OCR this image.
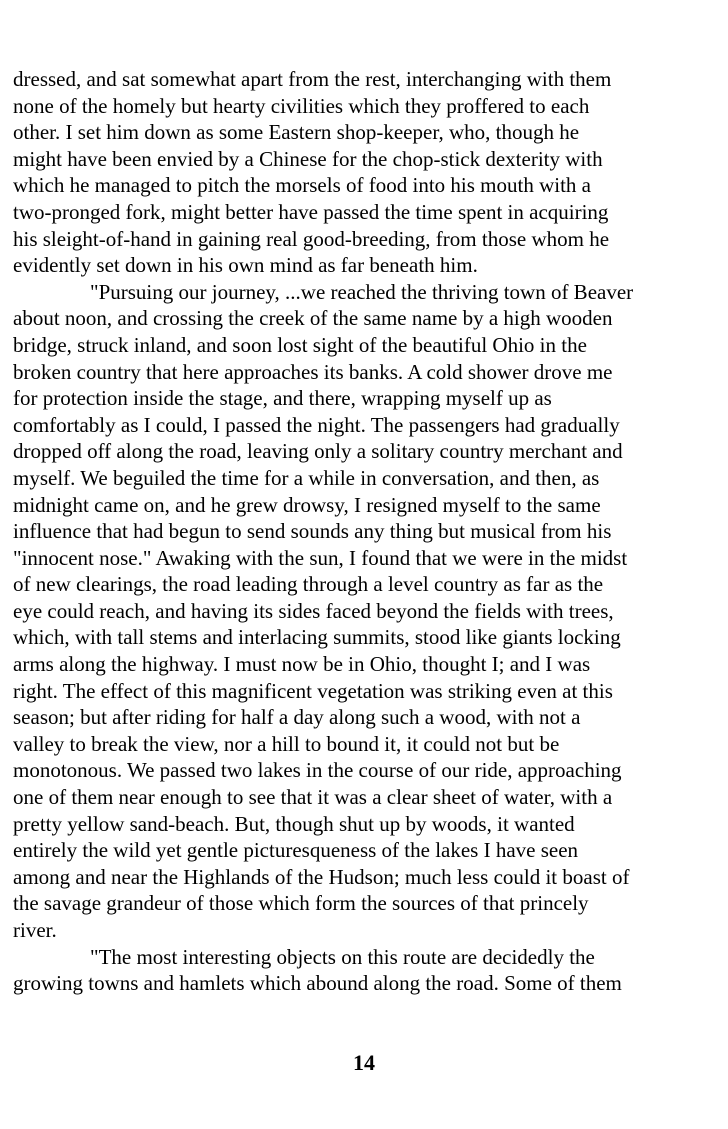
dressed, and sat somewhat apart from the rest, interchanging with them
none of the homely but hearty civilities which they proffered to each
other. I set him down as some Eastern shop-keeper, who, though he
might have been envied by a Chinese for the chop-stick dexterity with
which he managed to pitch the morsels of food into his mouth with a
two-pronged fork, might better have passed the time spent in acquiring
his sleight-of-hand in gaining real good-breeding, from those whom he
evidently set down in his own mind as far beneath him.
"Pursuing our journey, ...we reached the thriving town of Beaver
about noon, and crossing the creek of the same name by a high wooden
bridge, struck inland, and soon lost sight of the beautiful Ohio in the
broken country that here approaches its banks. A cold shower drove me
for protection inside the stage, and there, wrapping myself up as
comfortably as I could, I passed the night. The passengers had gradually
dropped off along the road, leaving only a solitary country merchant and
myself. We beguiled the time for a while in conversation, and then, as
midnight came on, and he grew drowsy, I resigned myself to the same
influence that had begun to send sounds any thing but musical from his
"innocent nose." Awaking with the sun, I found that we were in the midst
of new clearings, the road leading through a level country as far as the
eye could reach, and having its sides faced beyond the fields with trees,
which, with tall stems and interlacing summits, stood like giants locking
arms along the highway. I must now be in Ohio, thought I; and I was
right. The effect of this magnificent vegetation was striking even at this
season; but after riding for half a day along such a wood, with not a
valley to break the view, nor a hill to bound it, it could not but be
monotonous. We passed two lakes in the course of our ride, approaching
one of them near enough to see that it was a clear sheet of water, with a
pretty yellow sand-beach. But, though shut up by woods, it wanted
entirely the wild yet gentle picturesqueness of the lakes I have seen
among and near the Highlands of the Hudson; much less could it boast of
the savage grandeur of those which form the sources of that princely
river.
"The most interesting objects on this route are decidedly the
growing towns and hamlets which abound along the road. Some of them
14
